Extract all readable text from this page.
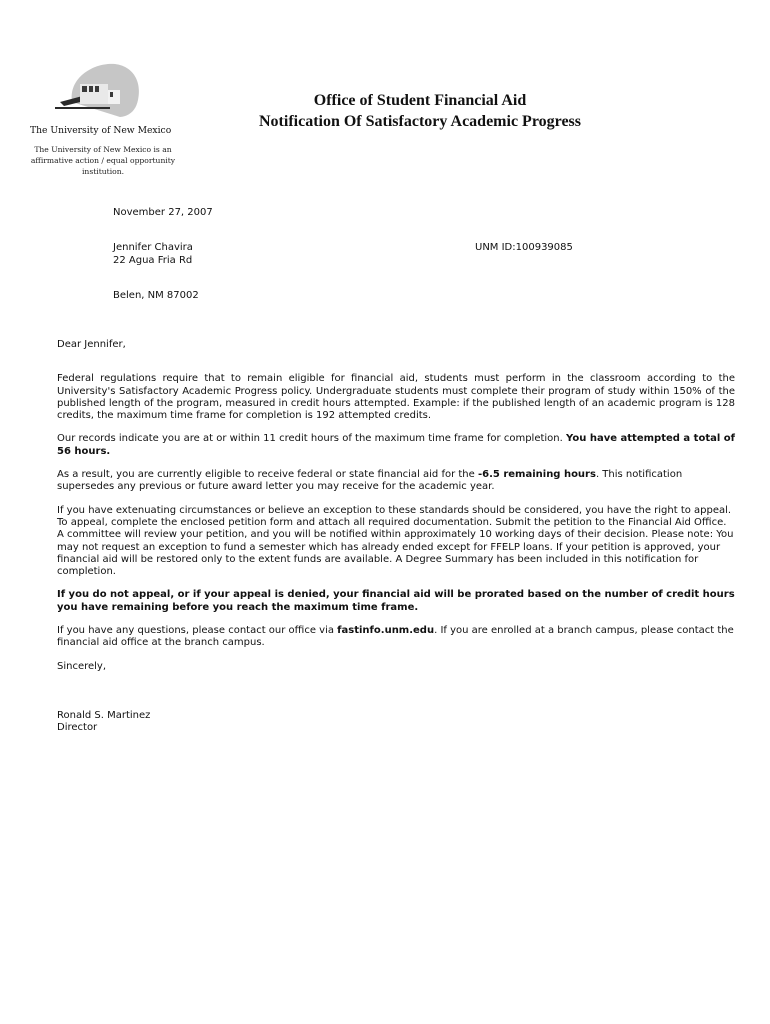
The University of New Mexico
The University of New Mexico is an affirmative action / equal opportunity institution.
Office of Student Financial Aid
Notification Of Satisfactory Academic Progress
November 27, 2007
Jennifer Chavira
22 Agua Fria Rd
Belen, NM 87002
UNM ID:100939085

Dear Jennifer,

Federal regulations require that to remain eligible for financial aid, students must perform in the classroom according to the University's Satisfactory Academic Progress policy. Undergraduate students must complete their program of study within 150% of the published length of the program, measured in credit hours attempted. Example: if the published length of an academic program is 128 credits, the maximum time frame for completion is 192 attempted credits.

Our records indicate you are at or within 11 credit hours of the maximum time frame for completion. You have attempted a total of 56 hours.

As a result, you are currently eligible to receive federal or state financial aid for the -6.5 remaining hours. This notification supersedes any previous or future award letter you may receive for the academic year.

If you have extenuating circumstances or believe an exception to these standards should be considered, you have the right to appeal. To appeal, complete the enclosed petition form and attach all required documentation. Submit the petition to the Financial Aid Office. A committee will review your petition, and you will be notified within approximately 10 working days of their decision. Please note: You may not request an exception to fund a semester which has already ended except for FFELP loans. If your petition is approved, your financial aid will be restored only to the extent funds are available. A Degree Summary has been included in this notification for completion.

If you do not appeal, or if your appeal is denied, your financial aid will be prorated based on the number of credit hours you have remaining before you reach the maximum time frame.

If you have any questions, please contact our office via fastinfo.unm.edu. If you are enrolled at a branch campus, please contact the financial aid office at the branch campus.

Sincerely,

Ronald S. Martinez

Director
